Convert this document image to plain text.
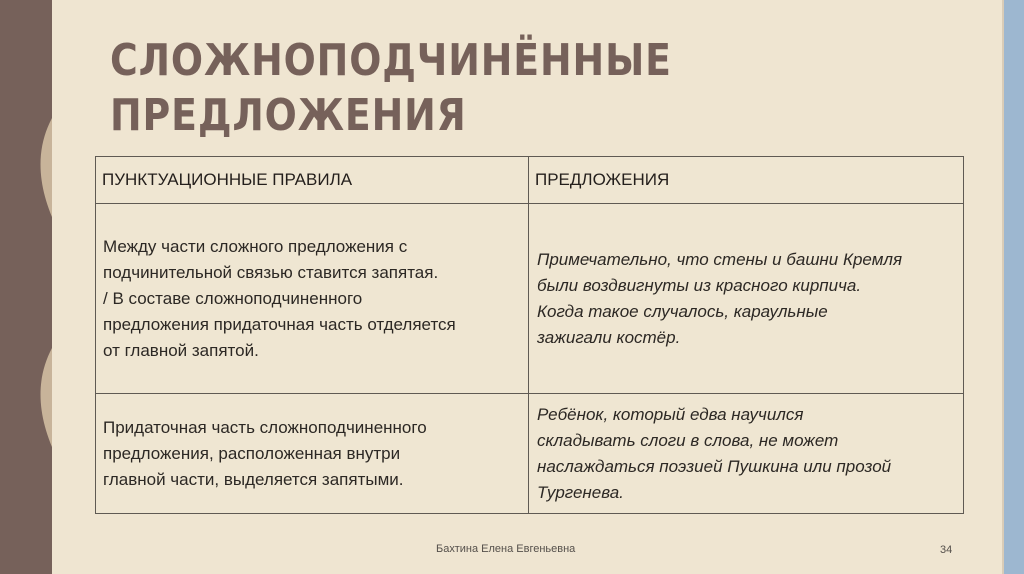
СЛОЖНОПОДЧИНЁННЫЕ
ПРЕДЛОЖЕНИЯ
ПУНКТУАЦИОННЫЕ ПРАВИЛА	ПРЕДЛОЖЕНИЯ
Между части сложного предложения с
подчинительной связью ставится запятая.
/ В составе сложноподчиненного
предложения придаточная часть отделяется
от главной запятой.	Примечательно, что стены и башни Кремля
были воздвигнуты из красного кирпича.
Когда такое случалось, караульные
зажигали костёр.
Придаточная часть сложноподчиненного
предложения, расположенная внутри
главной части, выделяется запятыми.	Ребёнок, который едва научился
складывать слоги в слова, не может
наслаждаться поэзией Пушкина или прозой
Тургенева.
Бахтина Елена Евгеньевна	34
